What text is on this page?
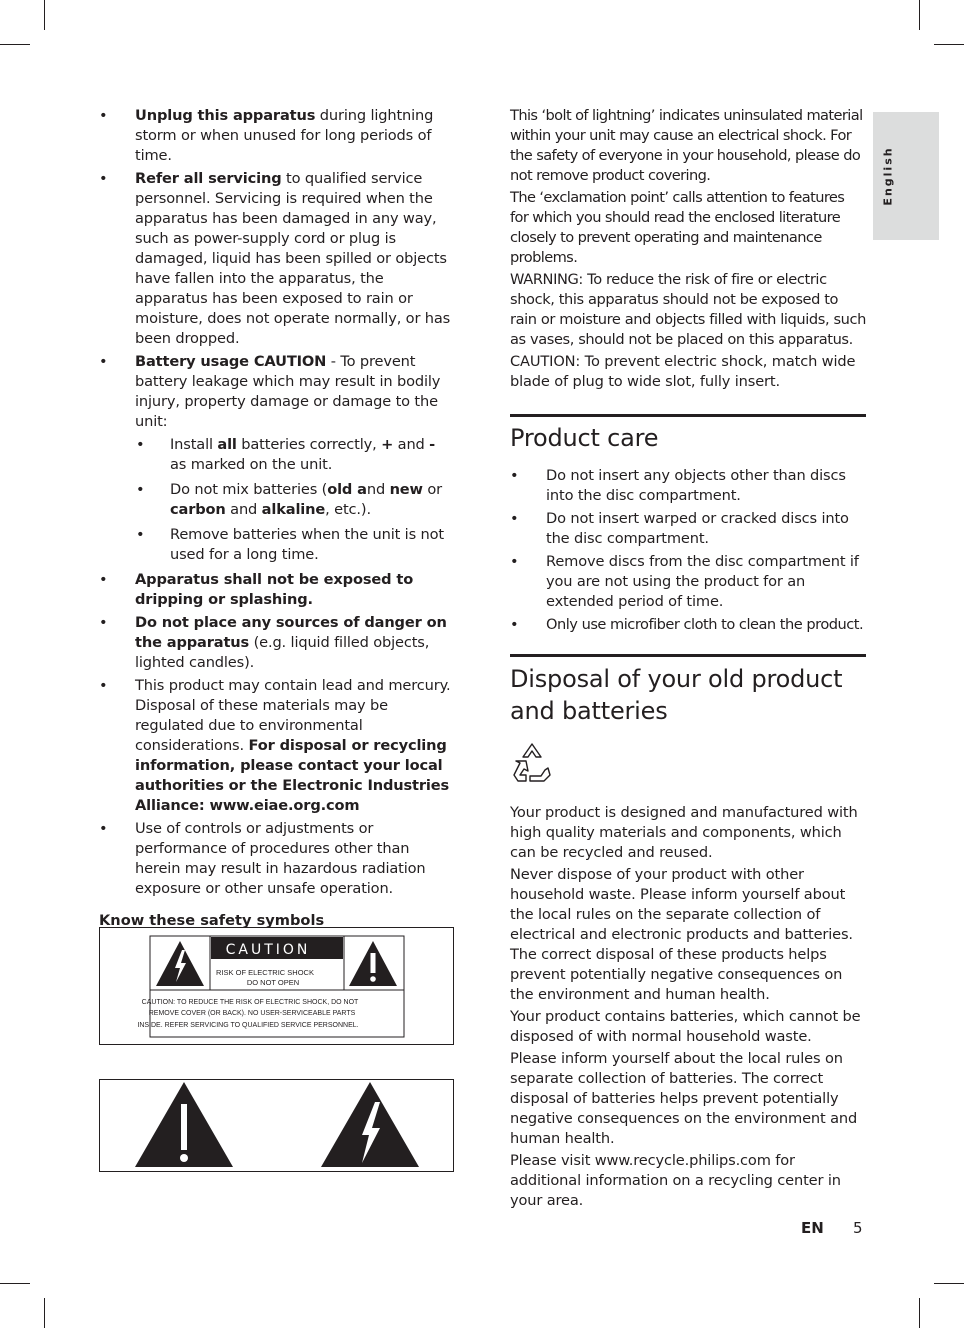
English
• Unplug this apparatus during lightning storm or when unused for long periods of time.
• Refer all servicing to qualified service personnel. Servicing is required when the apparatus has been damaged in any way, such as power-supply cord or plug is damaged, liquid has been spilled or objects have fallen into the apparatus, the apparatus has been exposed to rain or moisture, does not operate normally, or has been dropped.
• Battery usage CAUTION - To prevent battery leakage which may result in bodily injury, property damage or damage to the unit:
• Install all batteries correctly, + and - as marked on the unit.
• Do not mix batteries (old and new or carbon and alkaline, etc.).
• Remove batteries when the unit is not used for a long time.
• Apparatus shall not be exposed to dripping or splashing.
• Do not place any sources of danger on the apparatus (e.g. liquid filled objects, lighted candles).
• This product may contain lead and mercury. Disposal of these materials may be regulated due to environmental considerations. For disposal or recycling information, please contact your local authorities or the Electronic Industries Alliance: www.eiae.org.com
• Use of controls or adjustments or performance of procedures other than herein may result in hazardous radiation exposure or other unsafe operation.
Know these safety symbols
CAUTION
RISK OF ELECTRIC SHOCK
DO NOT OPEN
CAUTION: TO REDUCE THE RISK OF ELECTRIC SHOCK, DO NOT
REMOVE COVER (OR BACK). NO USER-SERVICEABLE PARTS
INSIDE. REFER SERVICING TO QUALIFIED SERVICE PERSONNEL.
This ‘bolt of lightning’ indicates uninsulated material within your unit may cause an electrical shock. For the safety of everyone in your household, please do not remove product covering.
The ‘exclamation point’ calls attention to features for which you should read the enclosed literature closely to prevent operating and maintenance problems.
WARNING: To reduce the risk of fire or electric shock, this apparatus should not be exposed to rain or moisture and objects filled with liquids, such as vases, should not be placed on this apparatus.
CAUTION: To prevent electric shock, match wide blade of plug to wide slot, fully insert.
Product care
• Do not insert any objects other than discs into the disc compartment.
• Do not insert warped or cracked discs into the disc compartment.
• Remove discs from the disc compartment if you are not using the product for an extended period of time.
• Only use microfiber cloth to clean the product.
Disposal of your old product and batteries
Your product is designed and manufactured with high quality materials and components, which can be recycled and reused.
Never dispose of your product with other household waste. Please inform yourself about the local rules on the separate collection of electrical and electronic products and batteries. The correct disposal of these products helps prevent potentially negative consequences on the environment and human health.
Your product contains batteries, which cannot be disposed of with normal household waste.
Please inform yourself about the local rules on separate collection of batteries. The correct disposal of batteries helps prevent potentially negative consequences on the environment and human health.
Please visit www.recycle.philips.com for additional information on a recycling center in your area.
EN 5
